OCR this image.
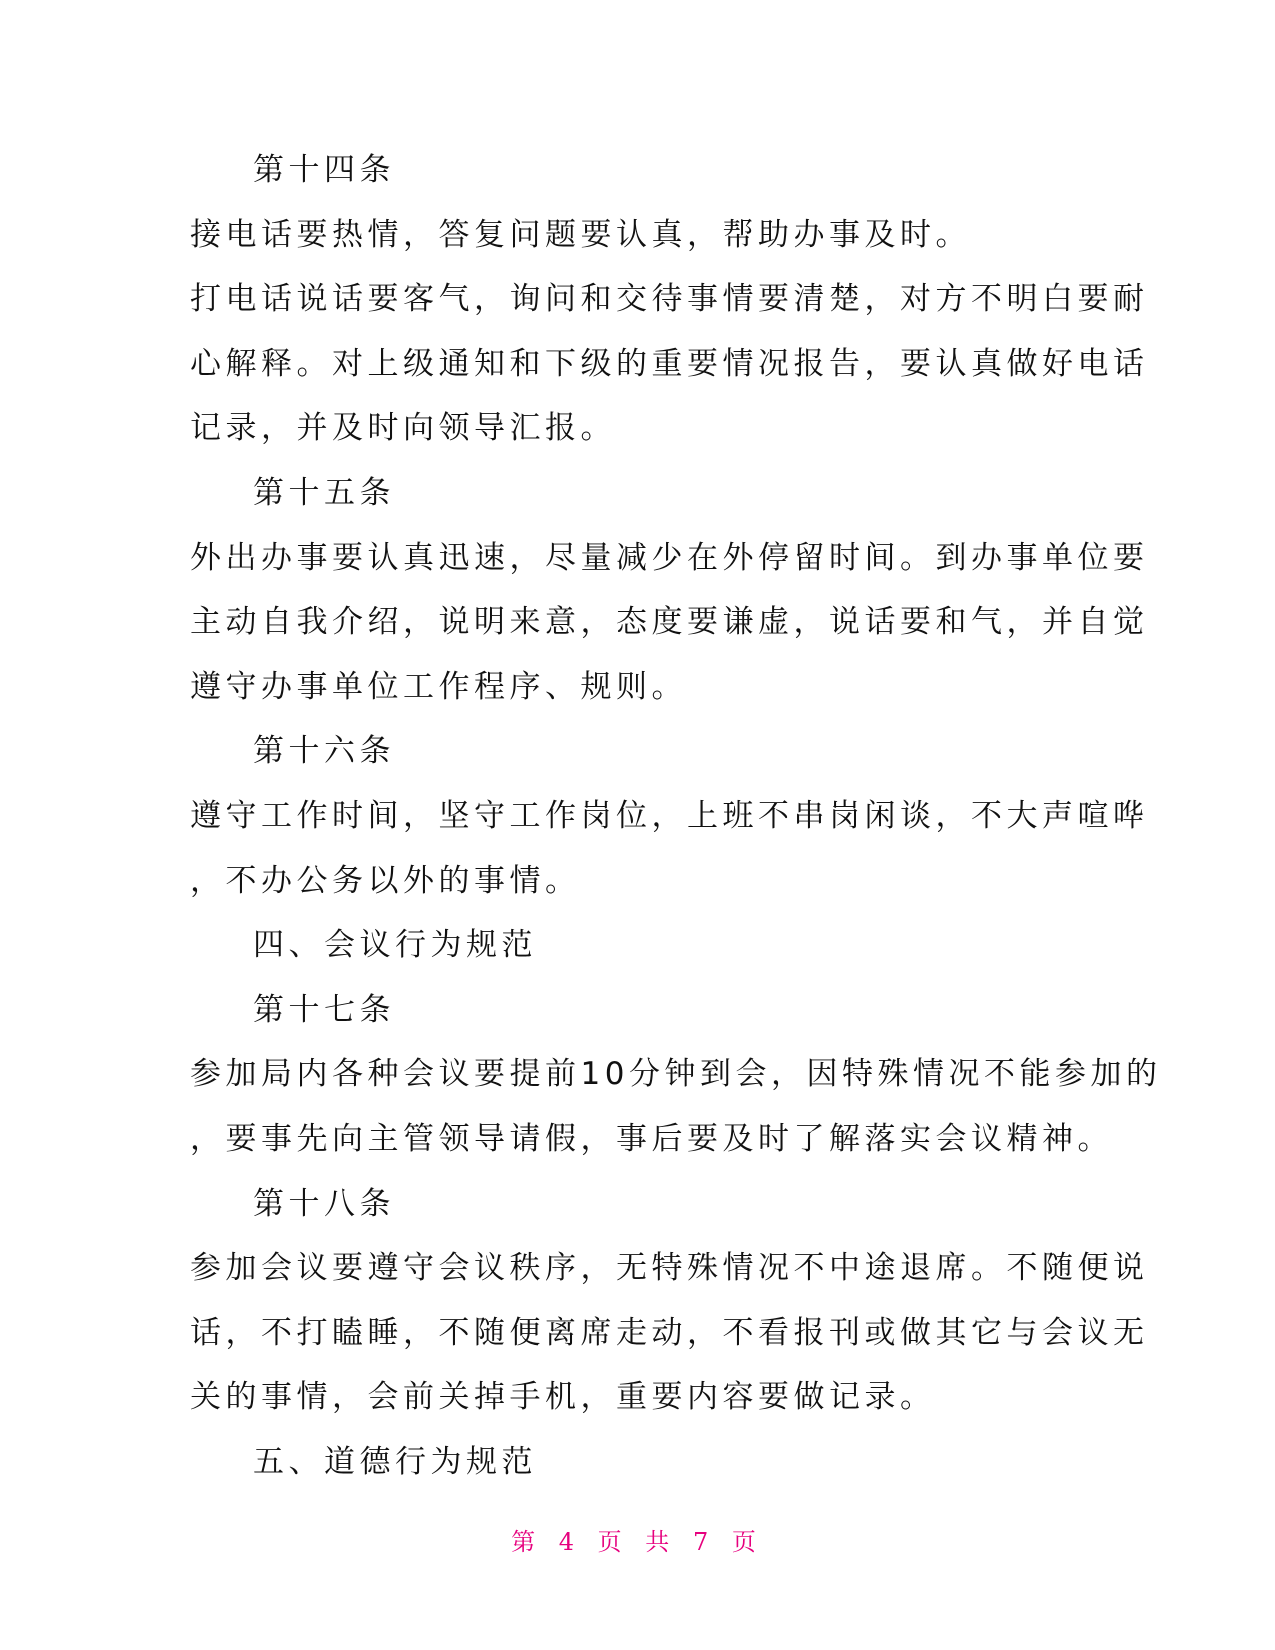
第十四条
接电话要热情，答复问题要认真，帮助办事及时。
打电话说话要客气，询问和交待事情要清楚，对方不明白要耐
心解释。对上级通知和下级的重要情况报告，要认真做好电话
记录，并及时向领导汇报。
第十五条
外出办事要认真迅速，尽量减少在外停留时间。到办事单位要
主动自我介绍，说明来意，态度要谦虚，说话要和气，并自觉
遵守办事单位工作程序、规则。
第十六条
遵守工作时间，坚守工作岗位，上班不串岗闲谈，不大声喧哗
，不办公务以外的事情。
四、会议行为规范
第十七条
参加局内各种会议要提前10分钟到会，因特殊情况不能参加的
，要事先向主管领导请假，事后要及时了解落实会议精神。
第十八条
参加会议要遵守会议秩序，无特殊情况不中途退席。不随便说
话，不打瞌睡，不随便离席走动，不看报刊或做其它与会议无
关的事情，会前关掉手机，重要内容要做记录。
五、道德行为规范
第 4 页 共 7 页
